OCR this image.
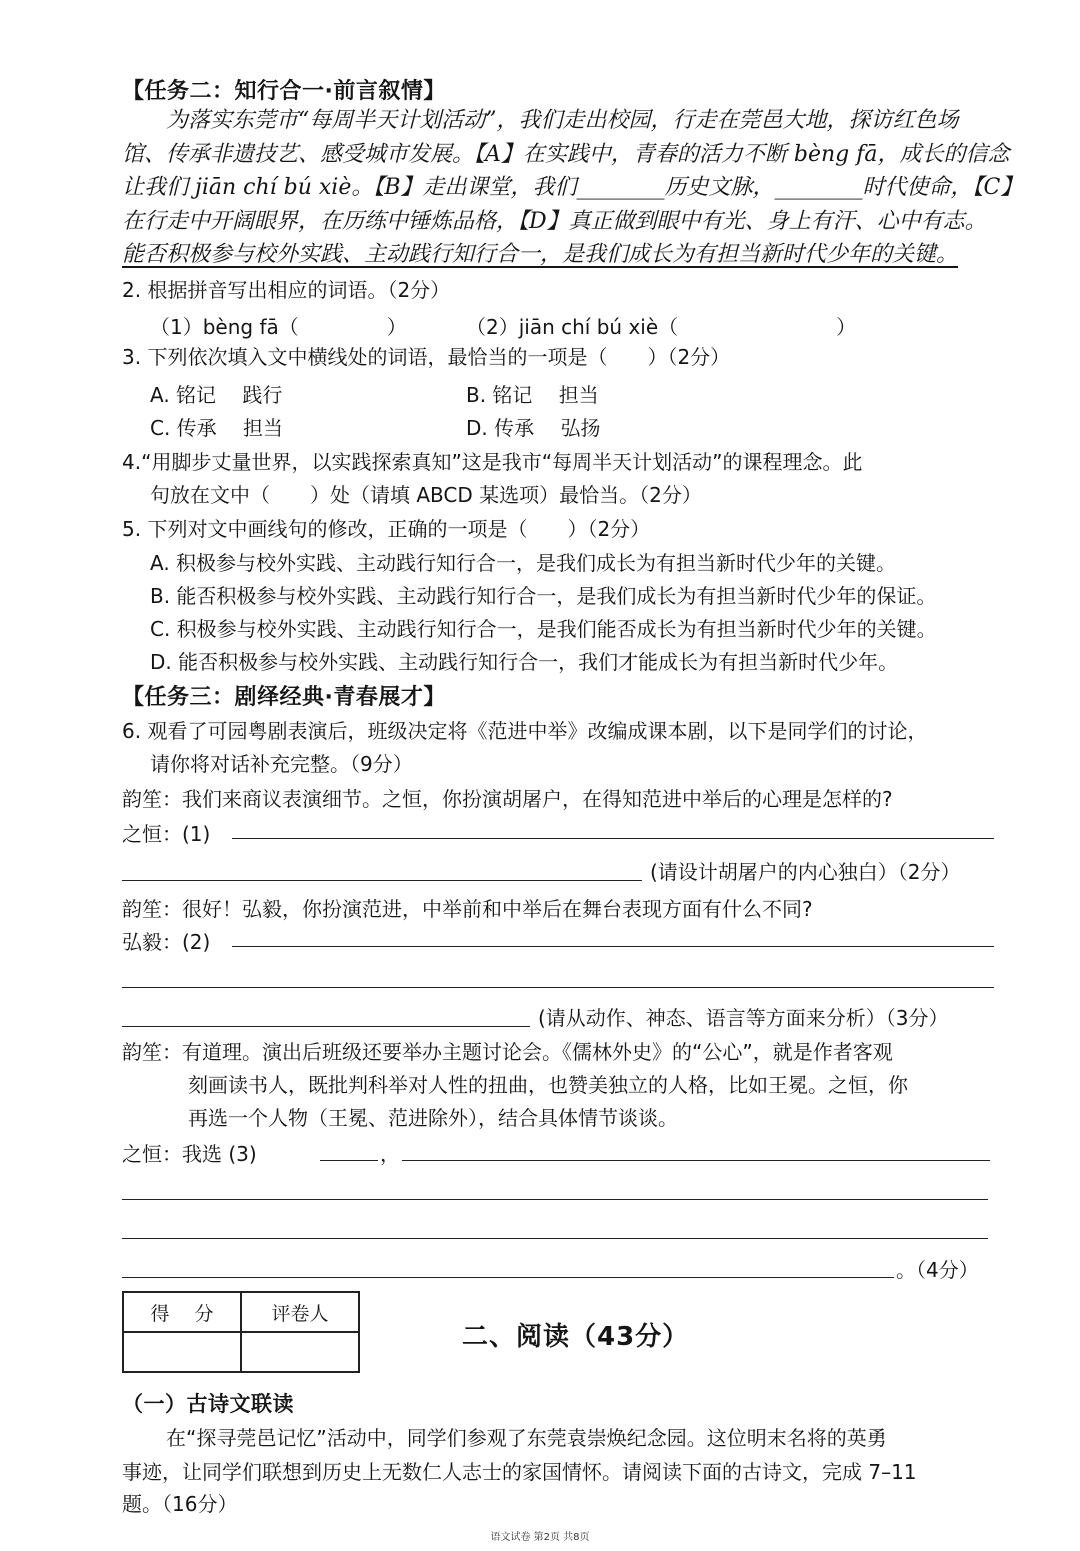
【任务二：知行合一·前言叙情】
为落实东莞市“每周半天计划活动”，我们走出校园，行走在莞邑大地，探访红色场
馆、传承非遗技艺、感受城市发展。【A】在实践中，青春的活力不断 bèng fā，成长的信念
让我们 jiān chí bú xiè。【B】走出课堂，我们________历史文脉，________时代使命，【C】
在行走中开阔眼界，在历练中锤炼品格，【D】真正做到眼中有光、身上有汗、心中有志。
能否积极参与校外实践、主动践行知行合一，是我们成长为有担当新时代少年的关键。
2. 根据拼音写出相应的词语。（2分）
（1）bèng fā（	）	（2）jiān chí bú xiè（	）
3. 下列依次填入文中横线处的词语，最恰当的一项是（　　）（2分）
A. 铭记　 践行	B. 铭记　 担当
C. 传承　 担当	D. 传承　 弘扬
4.“用脚步丈量世界，以实践探索真知”这是我市“每周半天计划活动”的课程理念。此
句放在文中（　　）处（请填 ABCD 某选项）最恰当。（2分）
5. 下列对文中画线句的修改，正确的一项是（　　）（2分）
A. 积极参与校外实践、主动践行知行合一，是我们成长为有担当新时代少年的关键。
B. 能否积极参与校外实践、主动践行知行合一，是我们成长为有担当新时代少年的保证。
C. 积极参与校外实践、主动践行知行合一，是我们能否成长为有担当新时代少年的关键。
D. 能否积极参与校外实践、主动践行知行合一，我们才能成长为有担当新时代少年。
【任务三：剧绎经典·青春展才】
6. 观看了可园粤剧表演后，班级决定将《范进中举》改编成课本剧，以下是同学们的讨论，
请你将对话补充完整。（9分）
韵笙：我们来商议表演细节。之恒，你扮演胡屠户，在得知范进中举后的心理是怎样的?
之恒：(1)
(请设计胡屠户的内心独白）（2分）
韵笙：很好！弘毅，你扮演范进，中举前和中举后在舞台表现方面有什么不同?
弘毅：(2)
(请从动作、神态、语言等方面来分析）（3分）
韵笙：有道理。演出后班级还要举办主题讨论会。《儒林外史》的“公心”，就是作者客观
刻画读书人，既批判科举对人性的扭曲，也赞美独立的人格，比如王冕。之恒，你
再选一个人物（王冕、范进除外），结合具体情节谈谈。
之恒：我选 (3)	，
。（4分）
得　 分	评卷人

二、阅读（43分）
（一）古诗文联读
在“探寻莞邑记忆”活动中，同学们参观了东莞袁崇焕纪念园。这位明末名将的英勇
事迹，让同学们联想到历史上无数仁人志士的家国情怀。请阅读下面的古诗文，完成 7–11
题。（16分）
语文试卷 第2页 共8页
